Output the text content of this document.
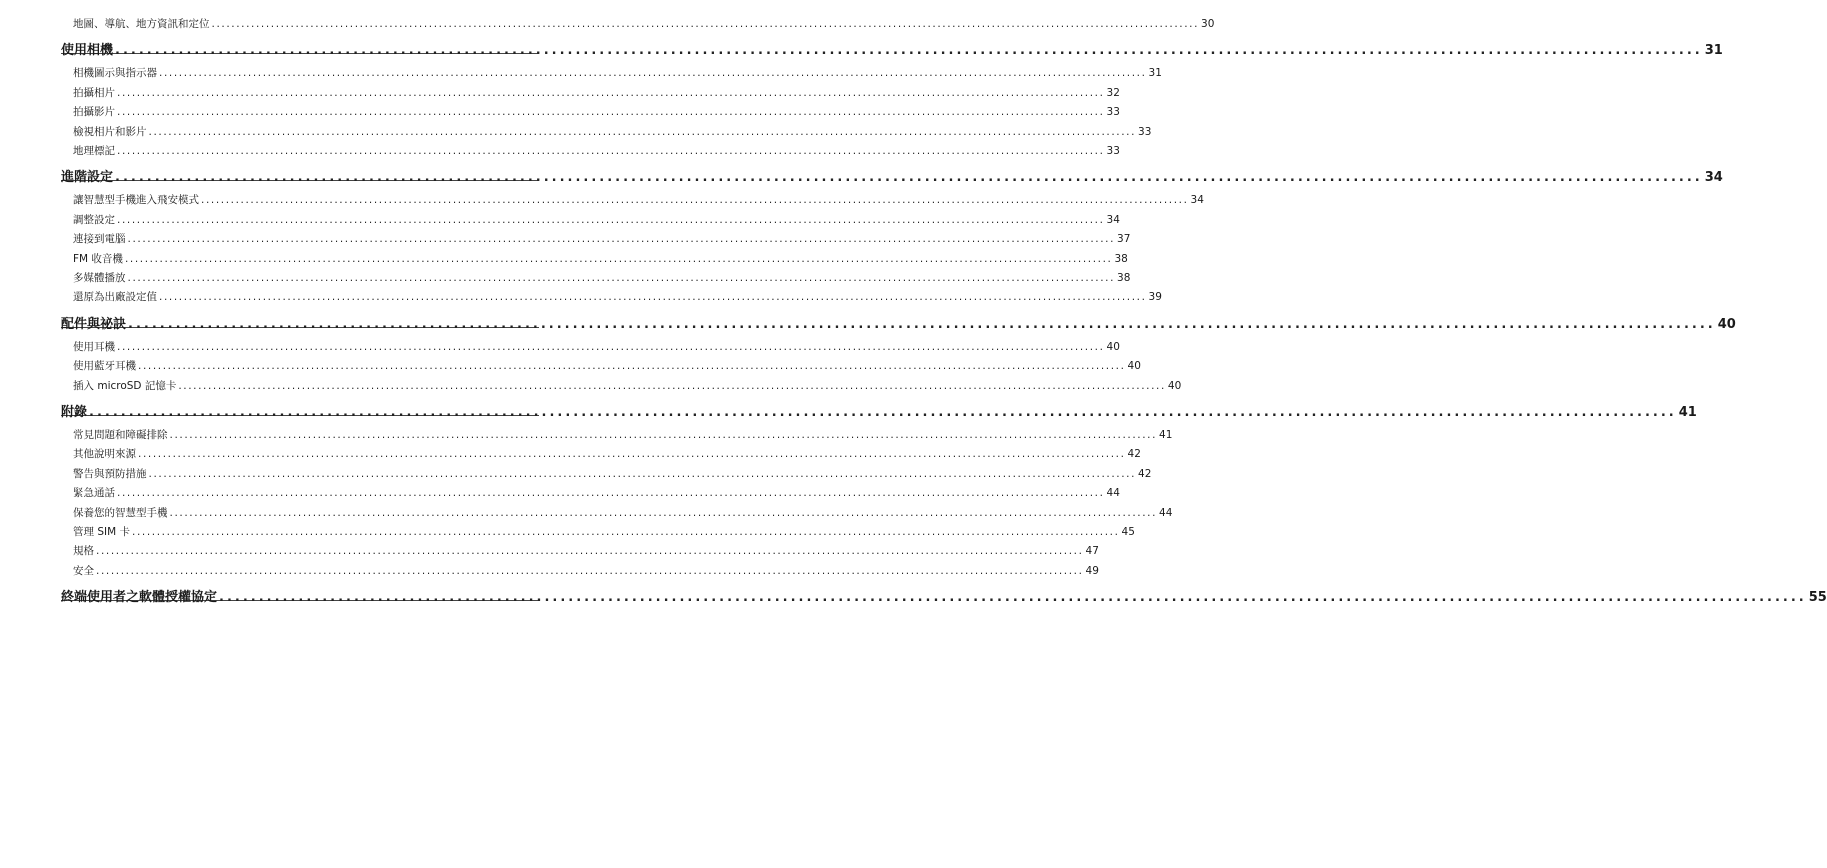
地圖、導航、地方資訊和定位 ........................................................................................................................................................................................................ 30
使用相機 ........................................................................................................................................................................................................ 31
相機圖示與指示器 ........................................................................................................................................................................................................ 31
拍攝相片 ........................................................................................................................................................................................................ 32
拍攝影片 ........................................................................................................................................................................................................ 33
檢視相片和影片 ........................................................................................................................................................................................................ 33
地理標記 ........................................................................................................................................................................................................ 33
進階設定 ........................................................................................................................................................................................................ 34
讓智慧型手機進入飛安模式 ........................................................................................................................................................................................................ 34
調整設定 ........................................................................................................................................................................................................ 34
連接到電腦 ........................................................................................................................................................................................................ 37
FM 收音機 ........................................................................................................................................................................................................ 38
多媒體播放 ........................................................................................................................................................................................................ 38
還原為出廠設定值 ........................................................................................................................................................................................................ 39
配件與祕訣 ........................................................................................................................................................................................................ 40
使用耳機 ........................................................................................................................................................................................................ 40
使用藍牙耳機 ........................................................................................................................................................................................................ 40
插入 microSD 記憶卡 ........................................................................................................................................................................................................ 40
附錄 ........................................................................................................................................................................................................ 41
常見問題和障礙排除 ........................................................................................................................................................................................................ 41
其他說明來源 ........................................................................................................................................................................................................ 42
警告與預防措施 ........................................................................................................................................................................................................ 42
緊急通話 ........................................................................................................................................................................................................ 44
保養您的智慧型手機 ........................................................................................................................................................................................................ 44
管理 SIM 卡 ........................................................................................................................................................................................................ 45
規格 ........................................................................................................................................................................................................ 47
安全 ........................................................................................................................................................................................................ 49
終端使用者之軟體授權協定 ........................................................................................................................................................................................................ 55
